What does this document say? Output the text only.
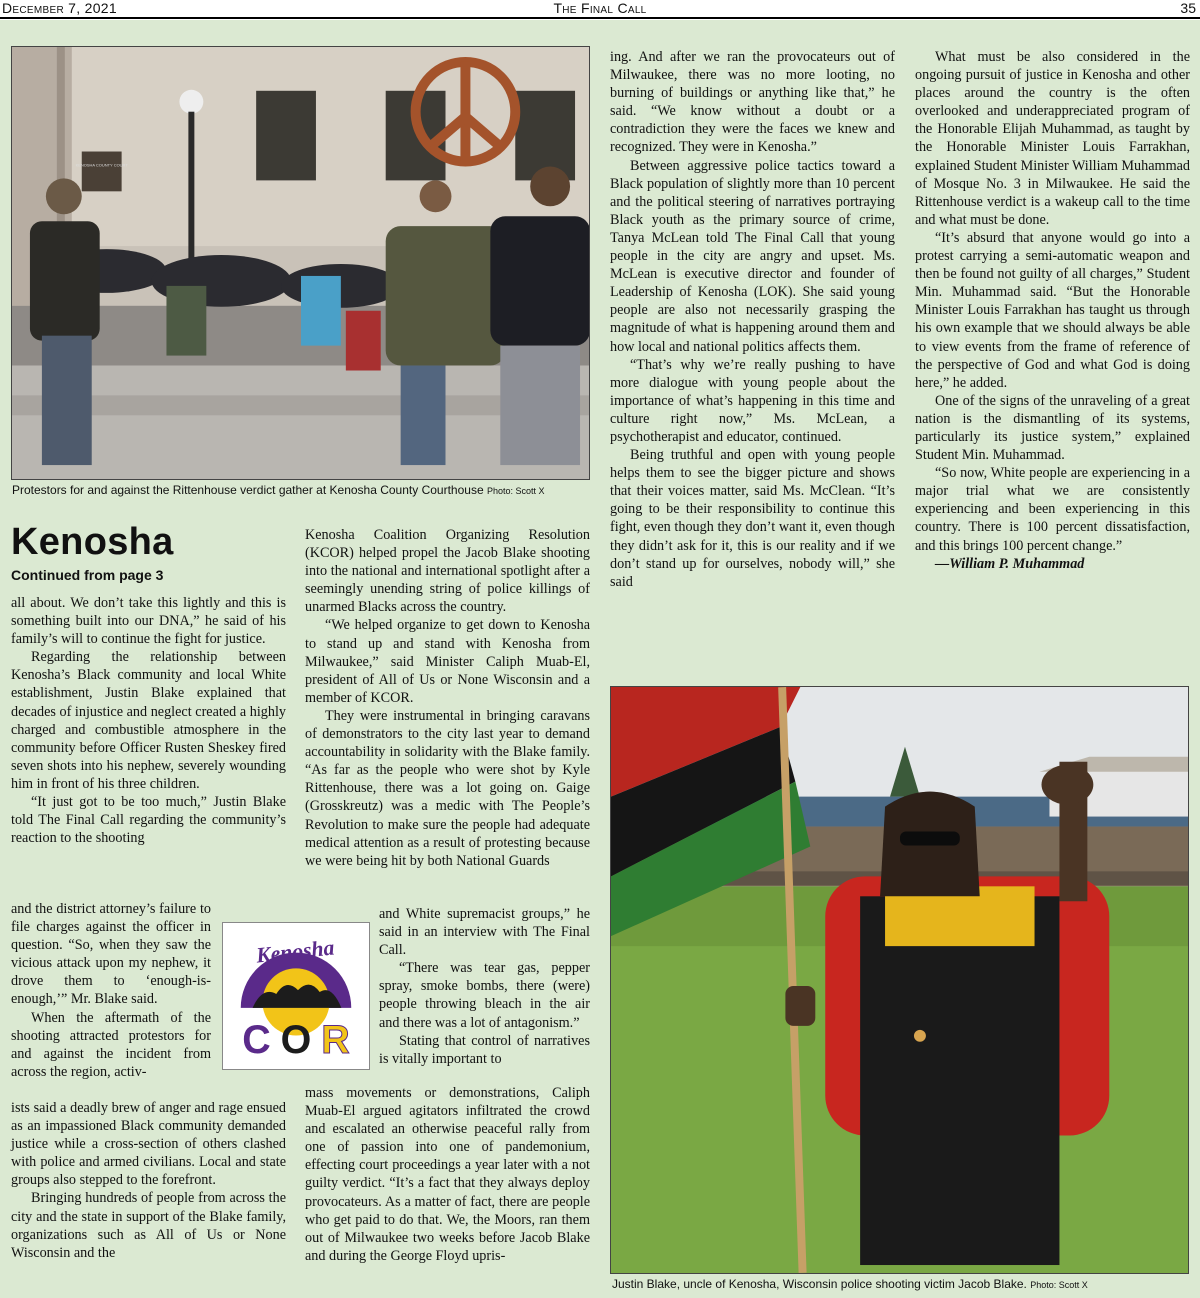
December 7, 2021	The Final Call	35
KENOSHA COUNTY COURT
Protestors for and against the Rittenhouse verdict gather at Kenosha County Courthouse Photo: Scott X
Kenosha
Continued from page 3

all about. We don’t take this lightly and this is something built into our DNA,” he said of his family’s will to continue the fight for justice.

Regarding the relationship between Kenosha’s Black community and local White establishment, Justin Blake explained that decades of injustice and neglect created a highly charged and combustible atmosphere in the community before Officer Rusten Sheskey fired seven shots into his nephew, severely wounding him in front of his three children.

“It just got to be too much,” Justin Blake told The Final Call regarding the community’s reaction to the shooting

and the district attorney’s failure to file charges against the officer in question. “So, when they saw the vicious attack upon my nephew, it drove them to ‘enough-is-enough,’” Mr. Blake said.

When the aftermath of the shooting attracted protestors for and against the incident from across the region, activ-

ists said a deadly brew of anger and rage ensued as an impassioned Black community demanded justice while a cross-section of others clashed with police and armed civilians. Local and state groups also stepped to the forefront.

Bringing hundreds of people from across the city and the state in support of the Blake family, organizations such as All of Us or None Wisconsin and the

Kenosha
C O R

Kenosha Coalition Organizing Resolution (KCOR) helped propel the Jacob Blake shooting into the national and international spotlight after a seemingly unending string of police killings of unarmed Blacks across the country.

“We helped organize to get down to Kenosha to stand up and stand with Kenosha from Milwaukee,” said Minister Caliph Muab-El, president of All of Us or None Wisconsin and a member of KCOR.

They were instrumental in bringing caravans of demonstrators to the city last year to demand accountability in solidarity with the Blake family. “As far as the people who were shot by Kyle Rittenhouse, there was a lot going on. Gaige (Grosskreutz) was a medic with The People’s Revolution to make sure the people had adequate medical attention as a result of protesting because we were being hit by both National Guards

and White supremacist groups,” he said in an interview with The Final Call.

“There was tear gas, pepper spray, smoke bombs, there (were) people throwing bleach in the air and there was a lot of antagonism.”

Stating that control of narratives is vitally important to

mass movements or demonstrations, Caliph Muab-El argued agitators infiltrated the crowd and escalated an otherwise peaceful rally from one of passion into one of pandemonium, effecting court proceedings a year later with a not guilty verdict. “It’s a fact that they always deploy provocateurs. As a matter of fact, there are people who get paid to do that. We, the Moors, ran them out of Milwaukee two weeks before Jacob Blake and during the George Floyd upris-

ing. And after we ran the provocateurs out of Milwaukee, there was no more looting, no burning of buildings or anything like that,” he said. “We know without a doubt or a contradiction they were the faces we knew and recognized. They were in Kenosha.”

Between aggressive police tactics toward a Black population of slightly more than 10 percent and the political steering of narratives portraying Black youth as the primary source of crime, Tanya McLean told The Final Call that young people in the city are angry and upset. Ms. McLean is executive director and founder of Leadership of Kenosha (LOK). She said young people are also not necessarily grasping the magnitude of what is happening around them and how local and national politics affects them.

“That’s why we’re really pushing to have more dialogue with young people about the importance of what’s happening in this time and culture right now,” Ms. McLean, a psychotherapist and educator, continued.

Being truthful and open with young people helps them to see the bigger picture and shows that their voices matter, said Ms. McClean. “It’s going to be their responsibility to continue this fight, even though they don’t want it, even though they didn’t ask for it, this is our reality and if we don’t stand up for ourselves, nobody will,” she said

What must be also considered in the ongoing pursuit of justice in Kenosha and other places around the country is the often overlooked and underappreciated program of the Honorable Elijah Muhammad, as taught by the Honorable Minister Louis Farrakhan, explained Student Minister William Muhammad of Mosque No. 3 in Milwaukee. He said the Rittenhouse verdict is a wakeup call to the time and what must be done.

“It’s absurd that anyone would go into a protest carrying a semi-automatic weapon and then be found not guilty of all charges,” Student Min. Muhammad said. “But the Honorable Minister Louis Farrakhan has taught us through his own example that we should always be able to view events from the frame of reference of the perspective of God and what God is doing here,” he added.

One of the signs of the unraveling of a great nation is the dismantling of its systems, particularly its justice system,” explained Student Min. Muhammad.

“So now, White people are experiencing in a major trial what we are consistently experiencing and been experiencing in this country. There is 100 percent dissatisfaction, and this brings 100 percent change.”

—William P. Muhammad

Justin Blake, uncle of Kenosha, Wisconsin police shooting victim Jacob Blake. Photo: Scott X
